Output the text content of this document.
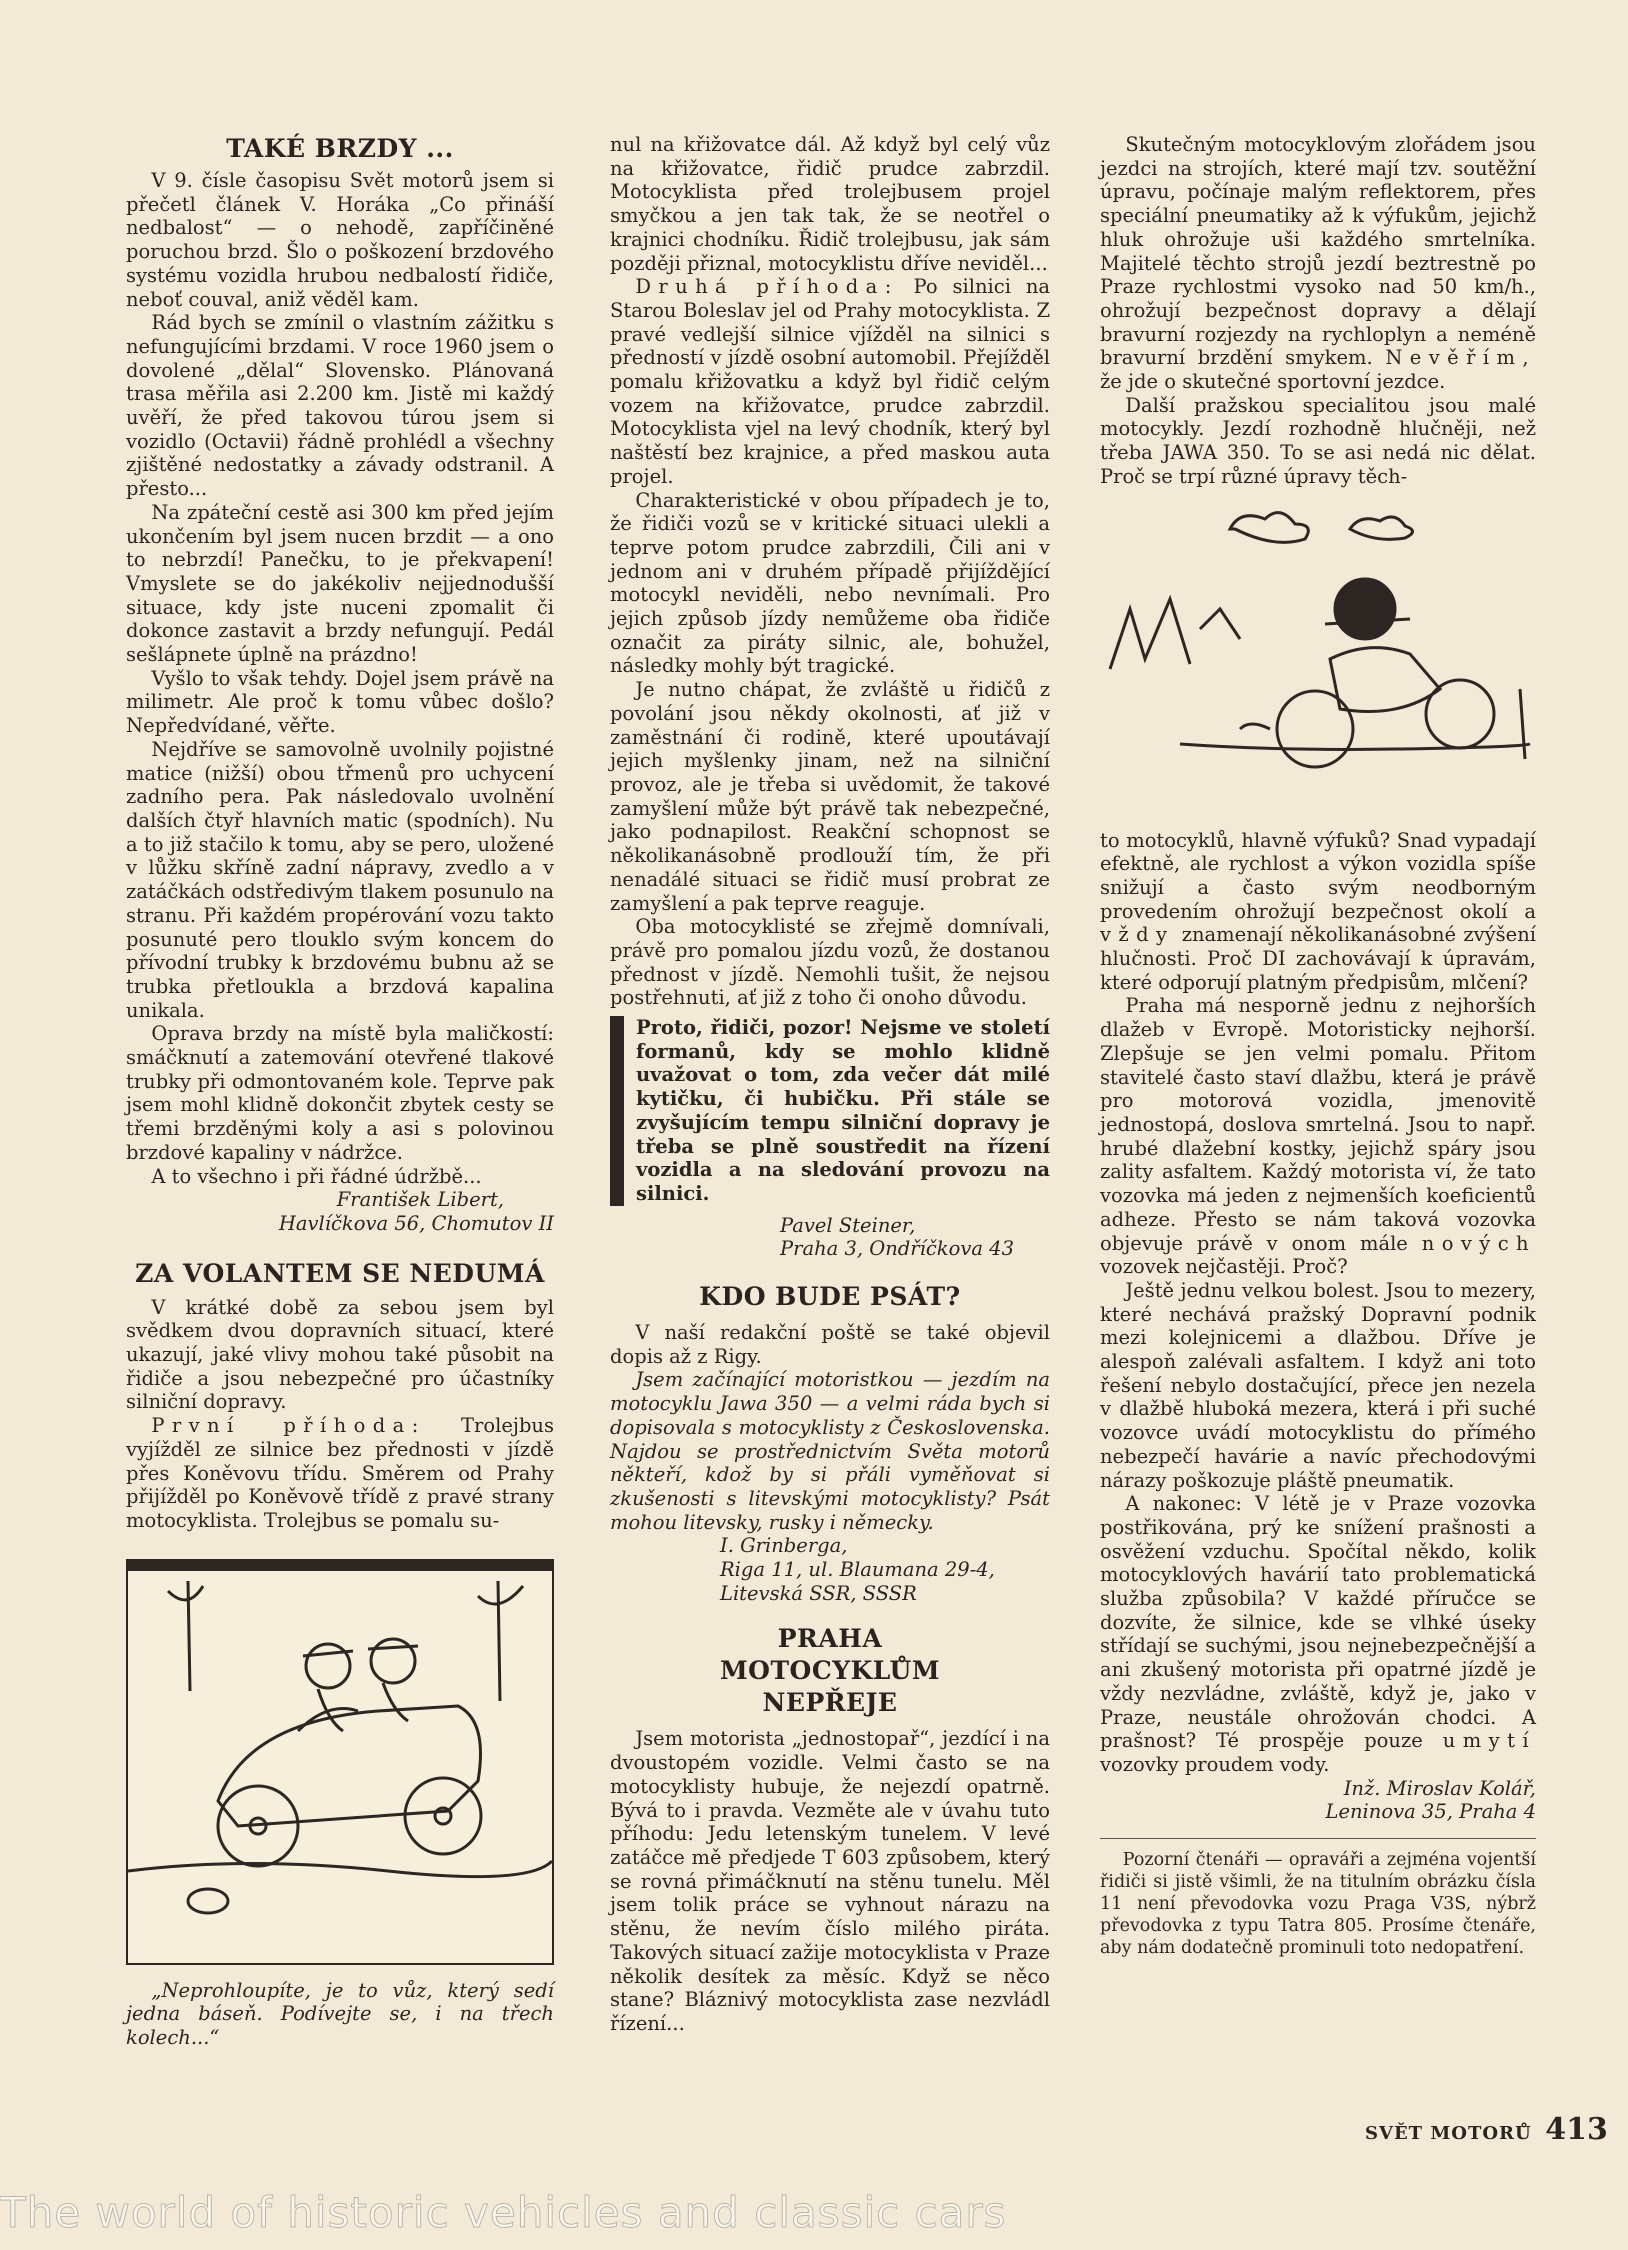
TAKÉ BRZDY ...

V 9. čísle časopisu Svět motorů jsem si přečetl článek V. Horáka „Co přináší nedbalost“ — o nehodě, zapříčiněné poruchou brzd. Šlo o poškození brzdového systému vozidla hrubou nedbalostí řidiče, neboť couval, aniž věděl kam.

Rád bych se zmínil o vlastním zážitku s nefungujícími brzdami. V roce 1960 jsem o dovolené „dělal“ Slovensko. Plánovaná trasa měřila asi 2.200 km. Jistě mi každý uvěří, že před takovou túrou jsem si vozidlo (Octavii) řádně prohlédl a všechny zjištěné nedostatky a závady odstranil. A přesto...

Na zpáteční cestě asi 300 km před jejím ukončením byl jsem nucen brzdit — a ono to nebrzdí! Panečku, to je překvapení! Vmyslete se do jakékoliv nejjednodušší situace, kdy jste nuceni zpomalit či dokonce zastavit a brzdy nefungují. Pedál sešlápnete úplně na prázdno!

Vyšlo to však tehdy. Dojel jsem právě na milimetr. Ale proč k tomu vůbec došlo? Nepředvídané, věřte.

Nejdříve se samovolně uvolnily pojistné matice (nižší) obou třmenů pro uchycení zadního pera. Pak následovalo uvolnění dalších čtyř hlavních matic (spodních). Nu a to již stačilo k tomu, aby se pero, uložené v lůžku skříně zadní nápravy, zvedlo a v zatáčkách odstředivým tlakem posunulo na stranu. Při každém propérování vozu takto posunuté pero tlouklo svým koncem do přívodní trubky k brzdovému bubnu až se trubka přetloukla a brzdová kapalina unikala.

Oprava brzdy na místě byla maličkostí: smáčknutí a zatemování otevřené tlakové trubky při odmontovaném kole. Teprve pak jsem mohl klidně dokončit zbytek cesty se třemi brzděnými koly a asi s polovinou brzdové kapaliny v nádržce.

A to všechno i při řádné údržbě...

František Libert,
Havlíčkova 56, Chomutov II

ZA VOLANTEM SE NEDUMÁ

V krátké době za sebou jsem byl svědkem dvou dopravních situací, které ukazují, jaké vlivy mohou také působit na řidiče a jsou nebezpečné pro účastníky silniční dopravy.

První příhoda: Trolejbus vyjížděl ze silnice bez přednosti v jízdě přes Koněvovu třídu. Směrem od Prahy přijížděl po Koněvově třídě z pravé strany motocyklista. Trolejbus se pomalu su-

„Neprohloupíte, je to vůz, který sedí jedna báseň. Podívejte se, i na třech kolech...“

nul na křižovatce dál. Až když byl celý vůz na křižovatce, řidič prudce zabrzdil. Motocyklista před trolejbusem projel smyčkou a jen tak tak, že se neotřel o krajnici chodníku. Řidič trolejbusu, jak sám později přiznal, motocyklistu dříve neviděl...

Druhá příhoda: Po silnici na Starou Boleslav jel od Prahy motocyklista. Z pravé vedlejší silnice vjížděl na silnici s předností v jízdě osobní automobil. Přejížděl pomalu křižovatku a když byl řidič celým vozem na křižovatce, prudce zabrzdil. Motocyklista vjel na levý chodník, který byl naštěstí bez krajnice, a před maskou auta projel.

Charakteristické v obou případech je to, že řidiči vozů se v kritické situaci ulekli a teprve potom prudce zabrzdili, Čili ani v jednom ani v druhém případě přijíždějící motocykl neviděli, nebo nevnímali. Pro jejich způsob jízdy nemůžeme oba řidiče označit za piráty silnic, ale, bohužel, následky mohly být tragické.

Je nutno chápat, že zvláště u řidičů z povolání jsou někdy okolnosti, ať již v zaměstnání či rodině, které upoutávají jejich myšlenky jinam, než na silniční provoz, ale je třeba si uvědomit, že takové zamyšlení může být právě tak nebezpečné, jako podnapilost. Reakční schopnost se několikanásobně prodlouží tím, že při nenadálé situaci se řidič musí probrat ze zamyšlení a pak teprve reaguje.

Oba motocyklisté se zřejmě domnívali, právě pro pomalou jízdu vozů, že dostanou přednost v jízdě. Nemohli tušit, že nejsou postřehnuti, ať již z toho či onoho důvodu.

Proto, řidiči, pozor! Nejsme ve století formanů, kdy se mohlo klidně uvažovat o tom, zda večer dát milé kytičku, či hubičku. Při stále se zvyšujícím tempu silniční dopravy je třeba se plně soustředit na řízení vozidla a na sledování provozu na silnici.

Pavel Steiner,
Praha 3, Ondříčkova 43

KDO BUDE PSÁT?

V naší redakční poště se také objevil dopis až z Rigy.

Jsem začínající motoristkou — jezdím na motocyklu Jawa 350 — a velmi ráda bych si dopisovala s motocyklisty z Československa. Najdou se prostřednictvím Světa motorů někteří, kdož by si přáli vyměňovat si zkušenosti s litevskými motocyklisty? Psát mohou litevsky, rusky i německy.

I. Grinberga,
Riga 11, ul. Blaumana 29-4,
Litevská SSR, SSSR

PRAHA MOTOCYKLŮM NEPŘEJE

Jsem motorista „jednostopař“, jezdící i na dvoustopém vozidle. Velmi často se na motocyklisty hubuje, že nejezdí opatrně. Bývá to i pravda. Vezměte ale v úvahu tuto příhodu: Jedu letenským tunelem. V levé zatáčce mě předjede T 603 způsobem, který se rovná přimáčknutí na stěnu tunelu. Měl jsem tolik práce se vyhnout nárazu na stěnu, že nevím číslo milého piráta. Takových situací zažije motocyklista v Praze několik desítek za měsíc. Když se něco stane? Bláznivý motocyklista zase nezvládl řízení...

Skutečným motocyklovým zlořádem jsou jezdci na strojích, které mají tzv. soutěžní úpravu, počínaje malým reflektorem, přes speciální pneumatiky až k výfukům, jejichž hluk ohrožuje uši každého smrtelníka. Majitelé těchto strojů jezdí beztrestně po Praze rychlostmi vysoko nad 50 km/h., ohrožují bezpečnost dopravy a dělají bravurní rozjezdy na rychloplyn a neméně bravurní brzdění smykem. Nevěřím, že jde o skutečné sportovní jezdce.

Další pražskou specialitou jsou malé motocykly. Jezdí rozhodně hlučněji, než třeba JAWA 350. To se asi nedá nic dělat. Proč se trpí různé úpravy těch-

to motocyklů, hlavně výfuků? Snad vypadají efektně, ale rychlost a výkon vozidla spíše snižují a často svým neodborným provedením ohrožují bezpečnost okolí a vždy znamenají několikanásobné zvýšení hlučnosti. Proč DI zachovávají k úpravám, které odporují platným předpisům, mlčení?

Praha má nesporně jednu z nejhorších dlažeb v Evropě. Motoristicky nejhorší. Zlepšuje se jen velmi pomalu. Přitom stavitelé často staví dlažbu, která je právě pro motorová vozidla, jmenovitě jednostopá, doslova smrtelná. Jsou to např. hrubé dlažební kostky, jejichž spáry jsou zality asfaltem. Každý motorista ví, že tato vozovka má jeden z nejmenších koeficientů adheze. Přesto se nám taková vozovka objevuje právě v onom mále nových vozovek nejčastěji. Proč?

Ještě jednu velkou bolest. Jsou to mezery, které nechává pražský Dopravní podnik mezi kolejnicemi a dlažbou. Dříve je alespoň zalévali asfaltem. I když ani toto řešení nebylo dostačující, přece jen nezela v dlažbě hluboká mezera, která i při suché vozovce uvádí motocyklistu do přímého nebezpečí havárie a navíc přechodovými nárazy poškozuje pláště pneumatik.

A nakonec: V létě je v Praze vozovka postřikována, prý ke snížení prašnosti a osvěžení vzduchu. Spočítal někdo, kolik motocyklových havárií tato problematická služba způsobila? V každé příručce se dozvíte, že silnice, kde se vlhké úseky střídají se suchými, jsou nejnebezpečnější a ani zkušený motorista při opatrné jízdě je vždy nezvládne, zvláště, když je, jako v Praze, neustále ohrožován chodci. A prašnost? Té prospěje pouze umytí vozovky proudem vody.

Inž. Miroslav Kolář,
Leninova 35, Praha 4

Pozorní čtenáři — opraváři a zejména vojentší řidiči si jistě všimli, že na titulním obrázku čísla 11 není převodovka vozu Praga V3S, nýbrž převodovka z typu Tatra 805. Prosíme čtenáře, aby nám dodatečně prominuli toto nedopatření.

SVĚT MOTORŮ 413
The world of historic vehicles and classic cars
